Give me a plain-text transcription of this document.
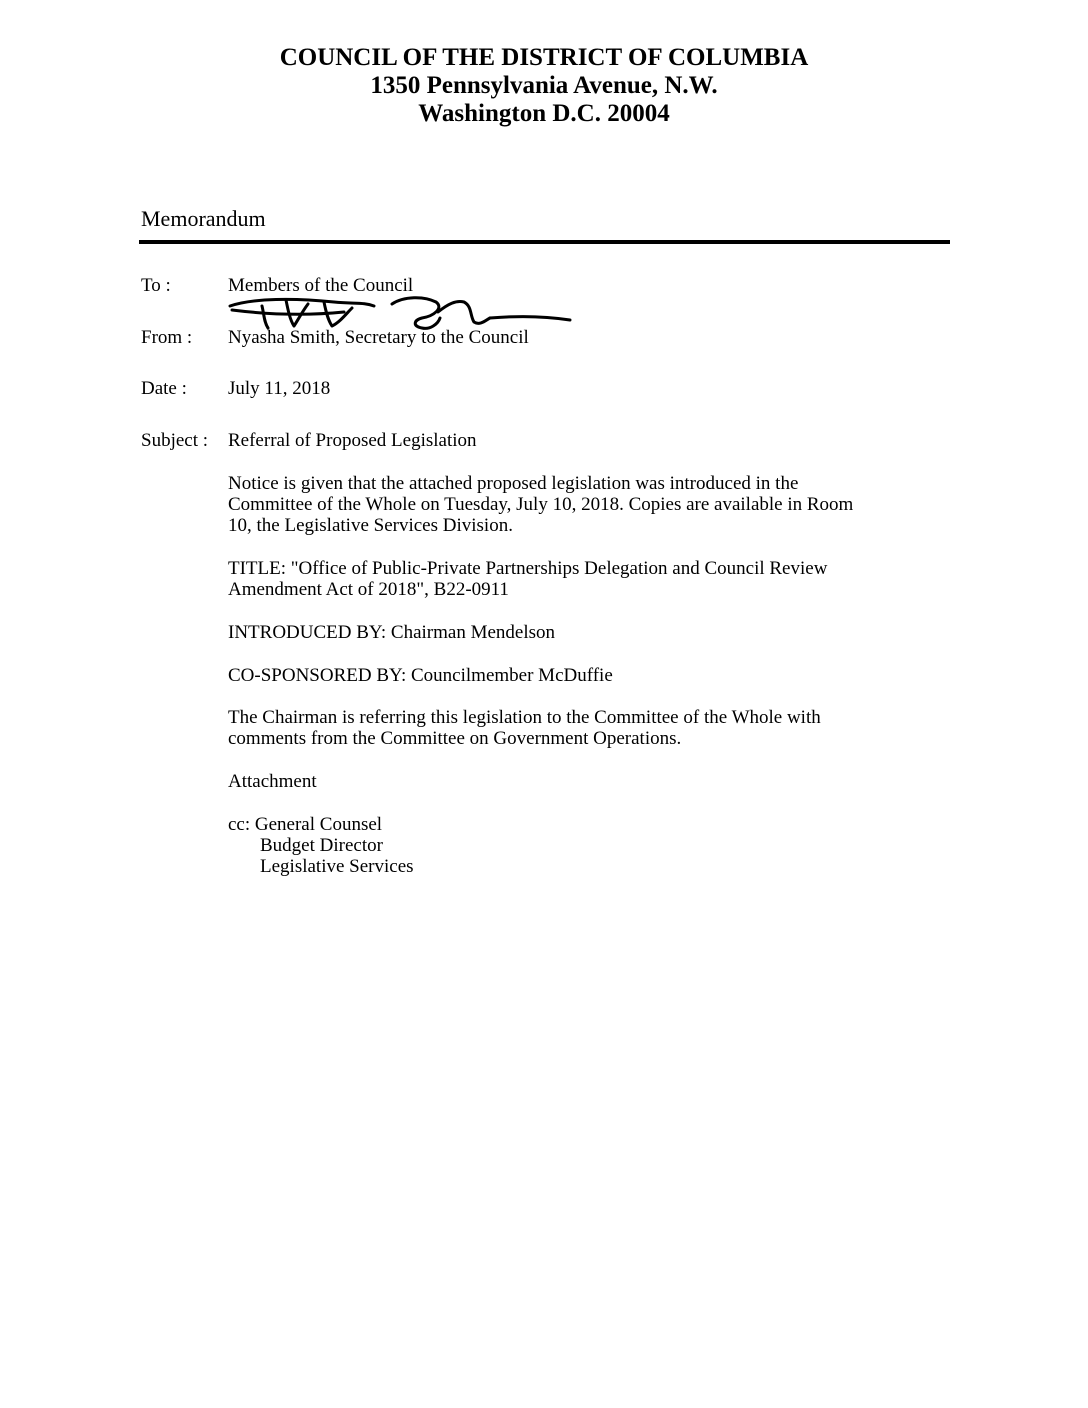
COUNCIL OF THE DISTRICT OF COLUMBIA
1350 Pennsylvania Avenue, N.W.
Washington D.C. 20004
Memorandum
To :	Members of the Council
From : Nyasha Smith, Secretary to the Council
Date : July 11, 2018
Subject : Referral of Proposed Legislation
Notice is given that the attached proposed legislation was introduced in the
Committee of the Whole on Tuesday, July 10, 2018. Copies are available in Room
10, the Legislative Services Division.
TITLE: "Office of Public-Private Partnerships Delegation and Council Review
Amendment Act of 2018", B22-0911
INTRODUCED BY: Chairman Mendelson
CO-SPONSORED BY: Councilmember McDuffie
The Chairman is referring this legislation to the Committee of the Whole with
comments from the Committee on Government Operations.
Attachment
cc: General Counsel
Budget Director
Legislative Services
